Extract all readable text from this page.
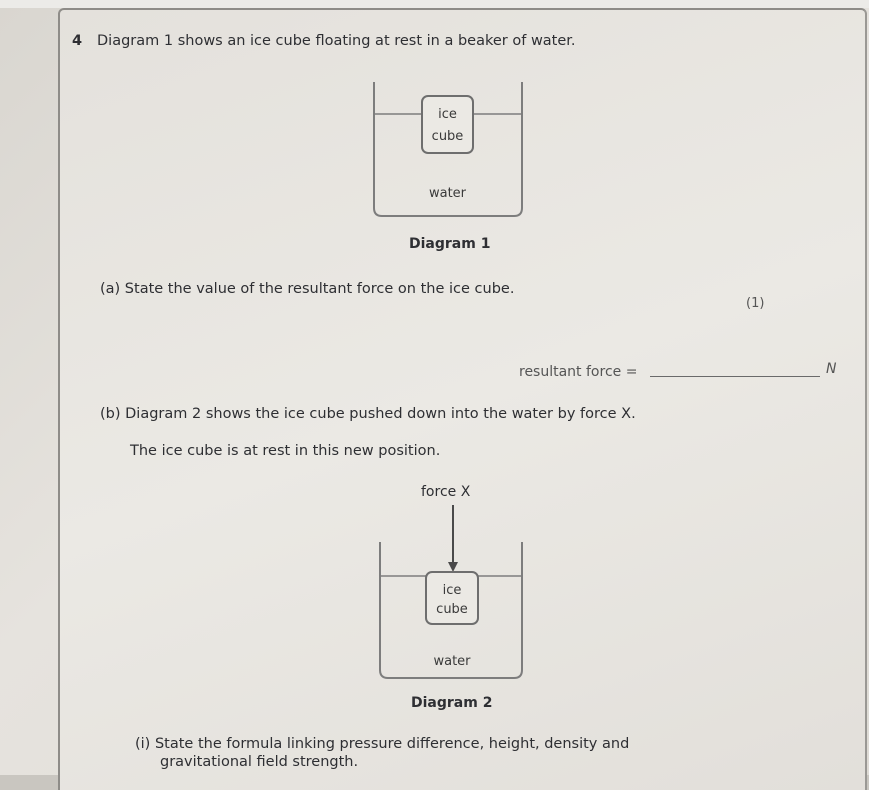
4 Diagram 1 shows an ice cube floating at rest in a beaker of water.
ice
cube
water
Diagram 1
(a) State the value of the resultant force on the ice cube.
(1)
resultant force =	N
(b) Diagram 2 shows the ice cube pushed down into the water by force X.
The ice cube is at rest in this new position.
force X
ice
cube
water
Diagram 2
(i) State the formula linking pressure difference, height, density and
gravitational field strength.
